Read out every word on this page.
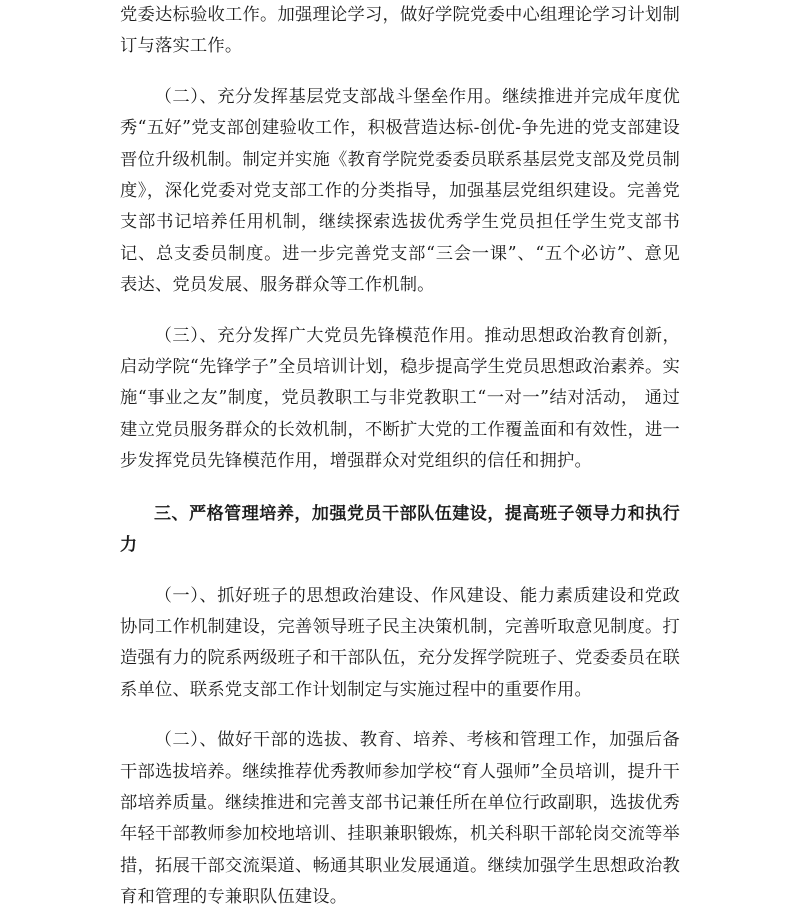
党委达标验收工作。加强理论学习，做好学院党委中心组理论学习计划制订与落实工作。

（二）、充分发挥基层党支部战斗堡垒作用。继续推进并完成年度优秀“五好”党支部创建验收工作，积极营造达标-创优-争先进的党支部建设晋位升级机制。制定并实施《教育学院党委委员联系基层党支部及党员制度》，深化党委对党支部工作的分类指导，加强基层党组织建设。完善党支部书记培养任用机制，继续探索选拔优秀学生党员担任学生党支部书记、总支委员制度。进一步完善党支部“三会一课”、“五个必访”、意见表达、党员发展、服务群众等工作机制。

（三）、充分发挥广大党员先锋模范作用。推动思想政治教育创新，启动学院“先锋学子”全员培训计划，稳步提高学生党员思想政治素养。实施“事业之友”制度，党员教职工与非党教职工“一对一”结对活动， 通过建立党员服务群众的长效机制，不断扩大党的工作覆盖面和有效性，进一步发挥党员先锋模范作用，增强群众对党组织的信任和拥护。

三、严格管理培养，加强党员干部队伍建设，提高班子领导力和执行力

（一）、抓好班子的思想政治建设、作风建设、能力素质建设和党政协同工作机制建设，完善领导班子民主决策机制，完善听取意见制度。打造强有力的院系两级班子和干部队伍，充分发挥学院班子、党委委员在联系单位、联系党支部工作计划制定与实施过程中的重要作用。

（二）、做好干部的选拔、教育、培养、考核和管理工作，加强后备干部选拔培养。继续推荐优秀教师参加学校“育人强师”全员培训，提升干部培养质量。继续推进和完善支部书记兼任所在单位行政副职，选拔优秀年轻干部教师参加校地培训、挂职兼职锻炼，机关科职干部轮岗交流等举措，拓展干部交流渠道、畅通其职业发展通道。继续加强学生思想政治教育和管理的专兼职队伍建设。
